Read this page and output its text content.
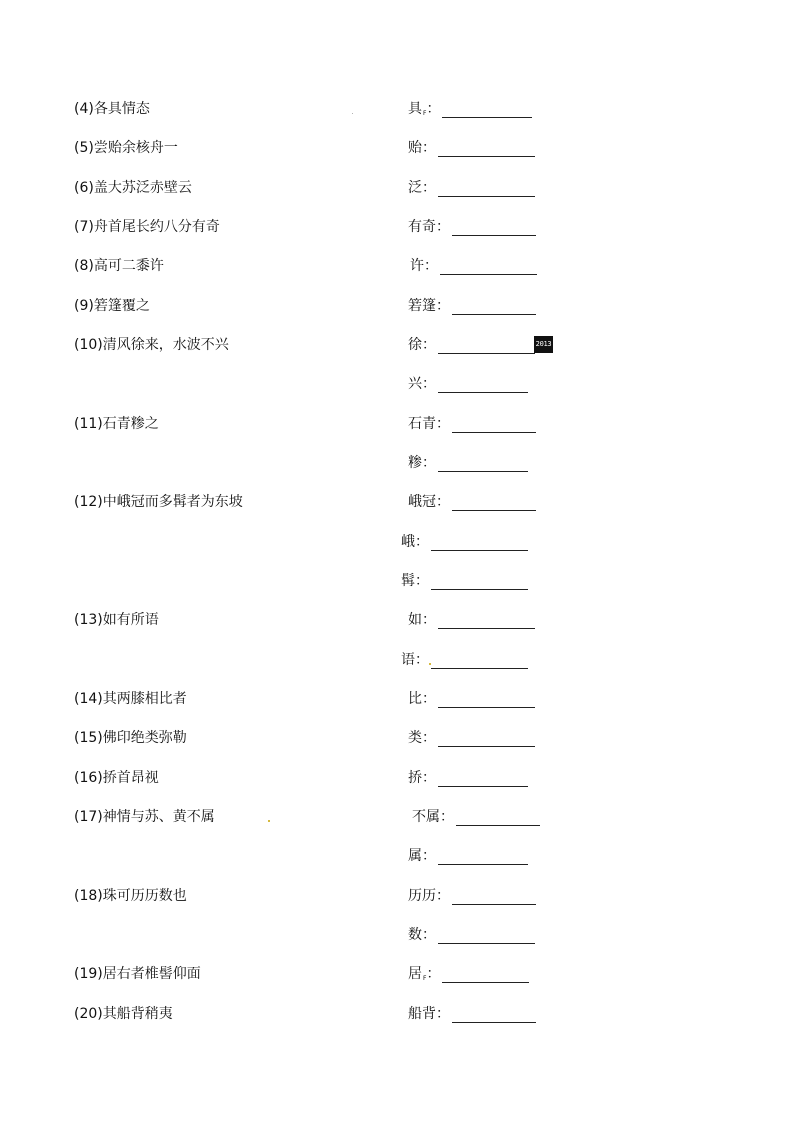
(4)各具情态	具 F ：
(5)尝贻余核舟一	贻：
(6)盖大苏泛赤壁云	泛：
(7)舟首尾长约八分有奇	有奇：
(8)高可二黍许	许：
(9)箬篷覆之	箬篷：
(10)清风徐来，水波不兴	徐：
兴：
(11)石青糁之	石青：
糁：
(12)中峨冠而多髯者为东坡	峨冠：
峨：
髯：
(13)如有所语	如：
语：
(14)其两膝相比者	比：
(15)佛印绝类弥勒	类：
(16)挢首昂视	挢：
(17)神情与苏、黄不属	不属：
属：
(18)珠可历历数也	历历：
数：
(19)居右者椎髻仰面	居 F ：
(20)其船背稍夷	船背：
2013
